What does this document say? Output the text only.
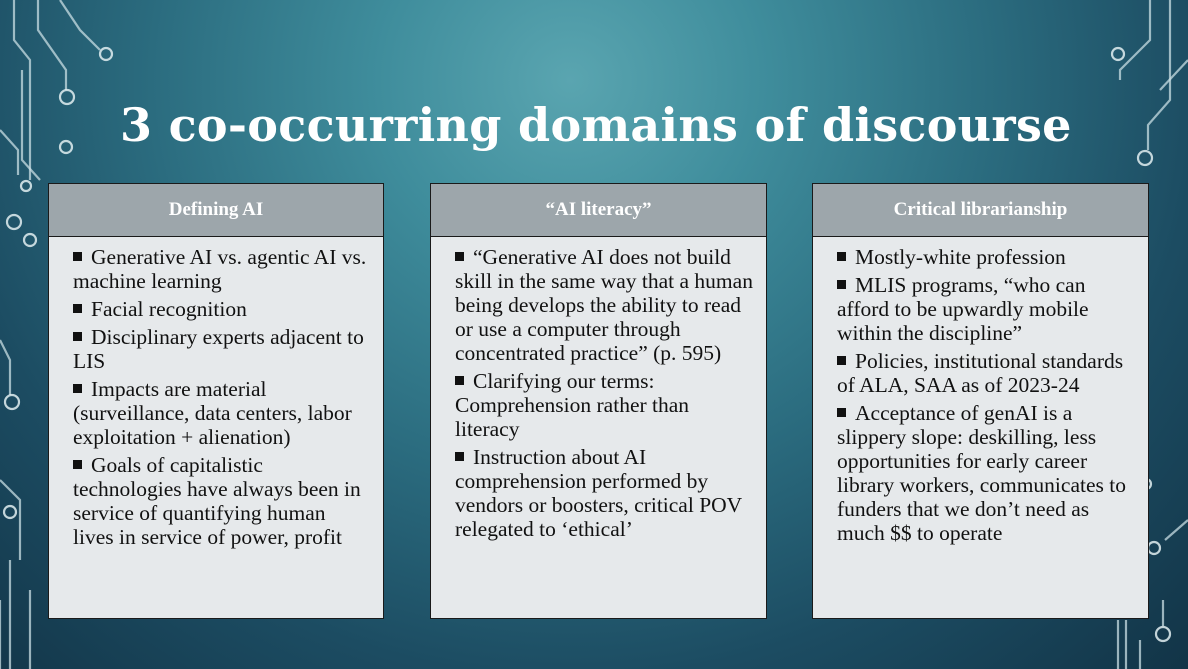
3 co-occurring domains of discourse
Defining AI
Generative AI vs. agentic AI vs. machine learning
Facial recognition
Disciplinary experts adjacent to LIS
Impacts are material (surveillance, data centers, labor exploitation + alienation)
Goals of capitalistic technologies have always been in service of quantifying human lives in service of power, profit
“AI literacy”
“Generative AI does not build skill in the same way that a human being develops the ability to read or use a computer through concentrated practice” (p. 595)
Clarifying our terms: Comprehension rather than literacy
Instruction about AI comprehension performed by vendors or boosters, critical POV relegated to ‘ethical’
Critical librarianship
Mostly-white profession
MLIS programs, “who can afford to be upwardly mobile within the discipline”
Policies, institutional standards of ALA, SAA as of 2023-24
Acceptance of genAI is a slippery slope: deskilling, less opportunities for early career library workers, communicates to funders that we don’t need as much $$ to operate
